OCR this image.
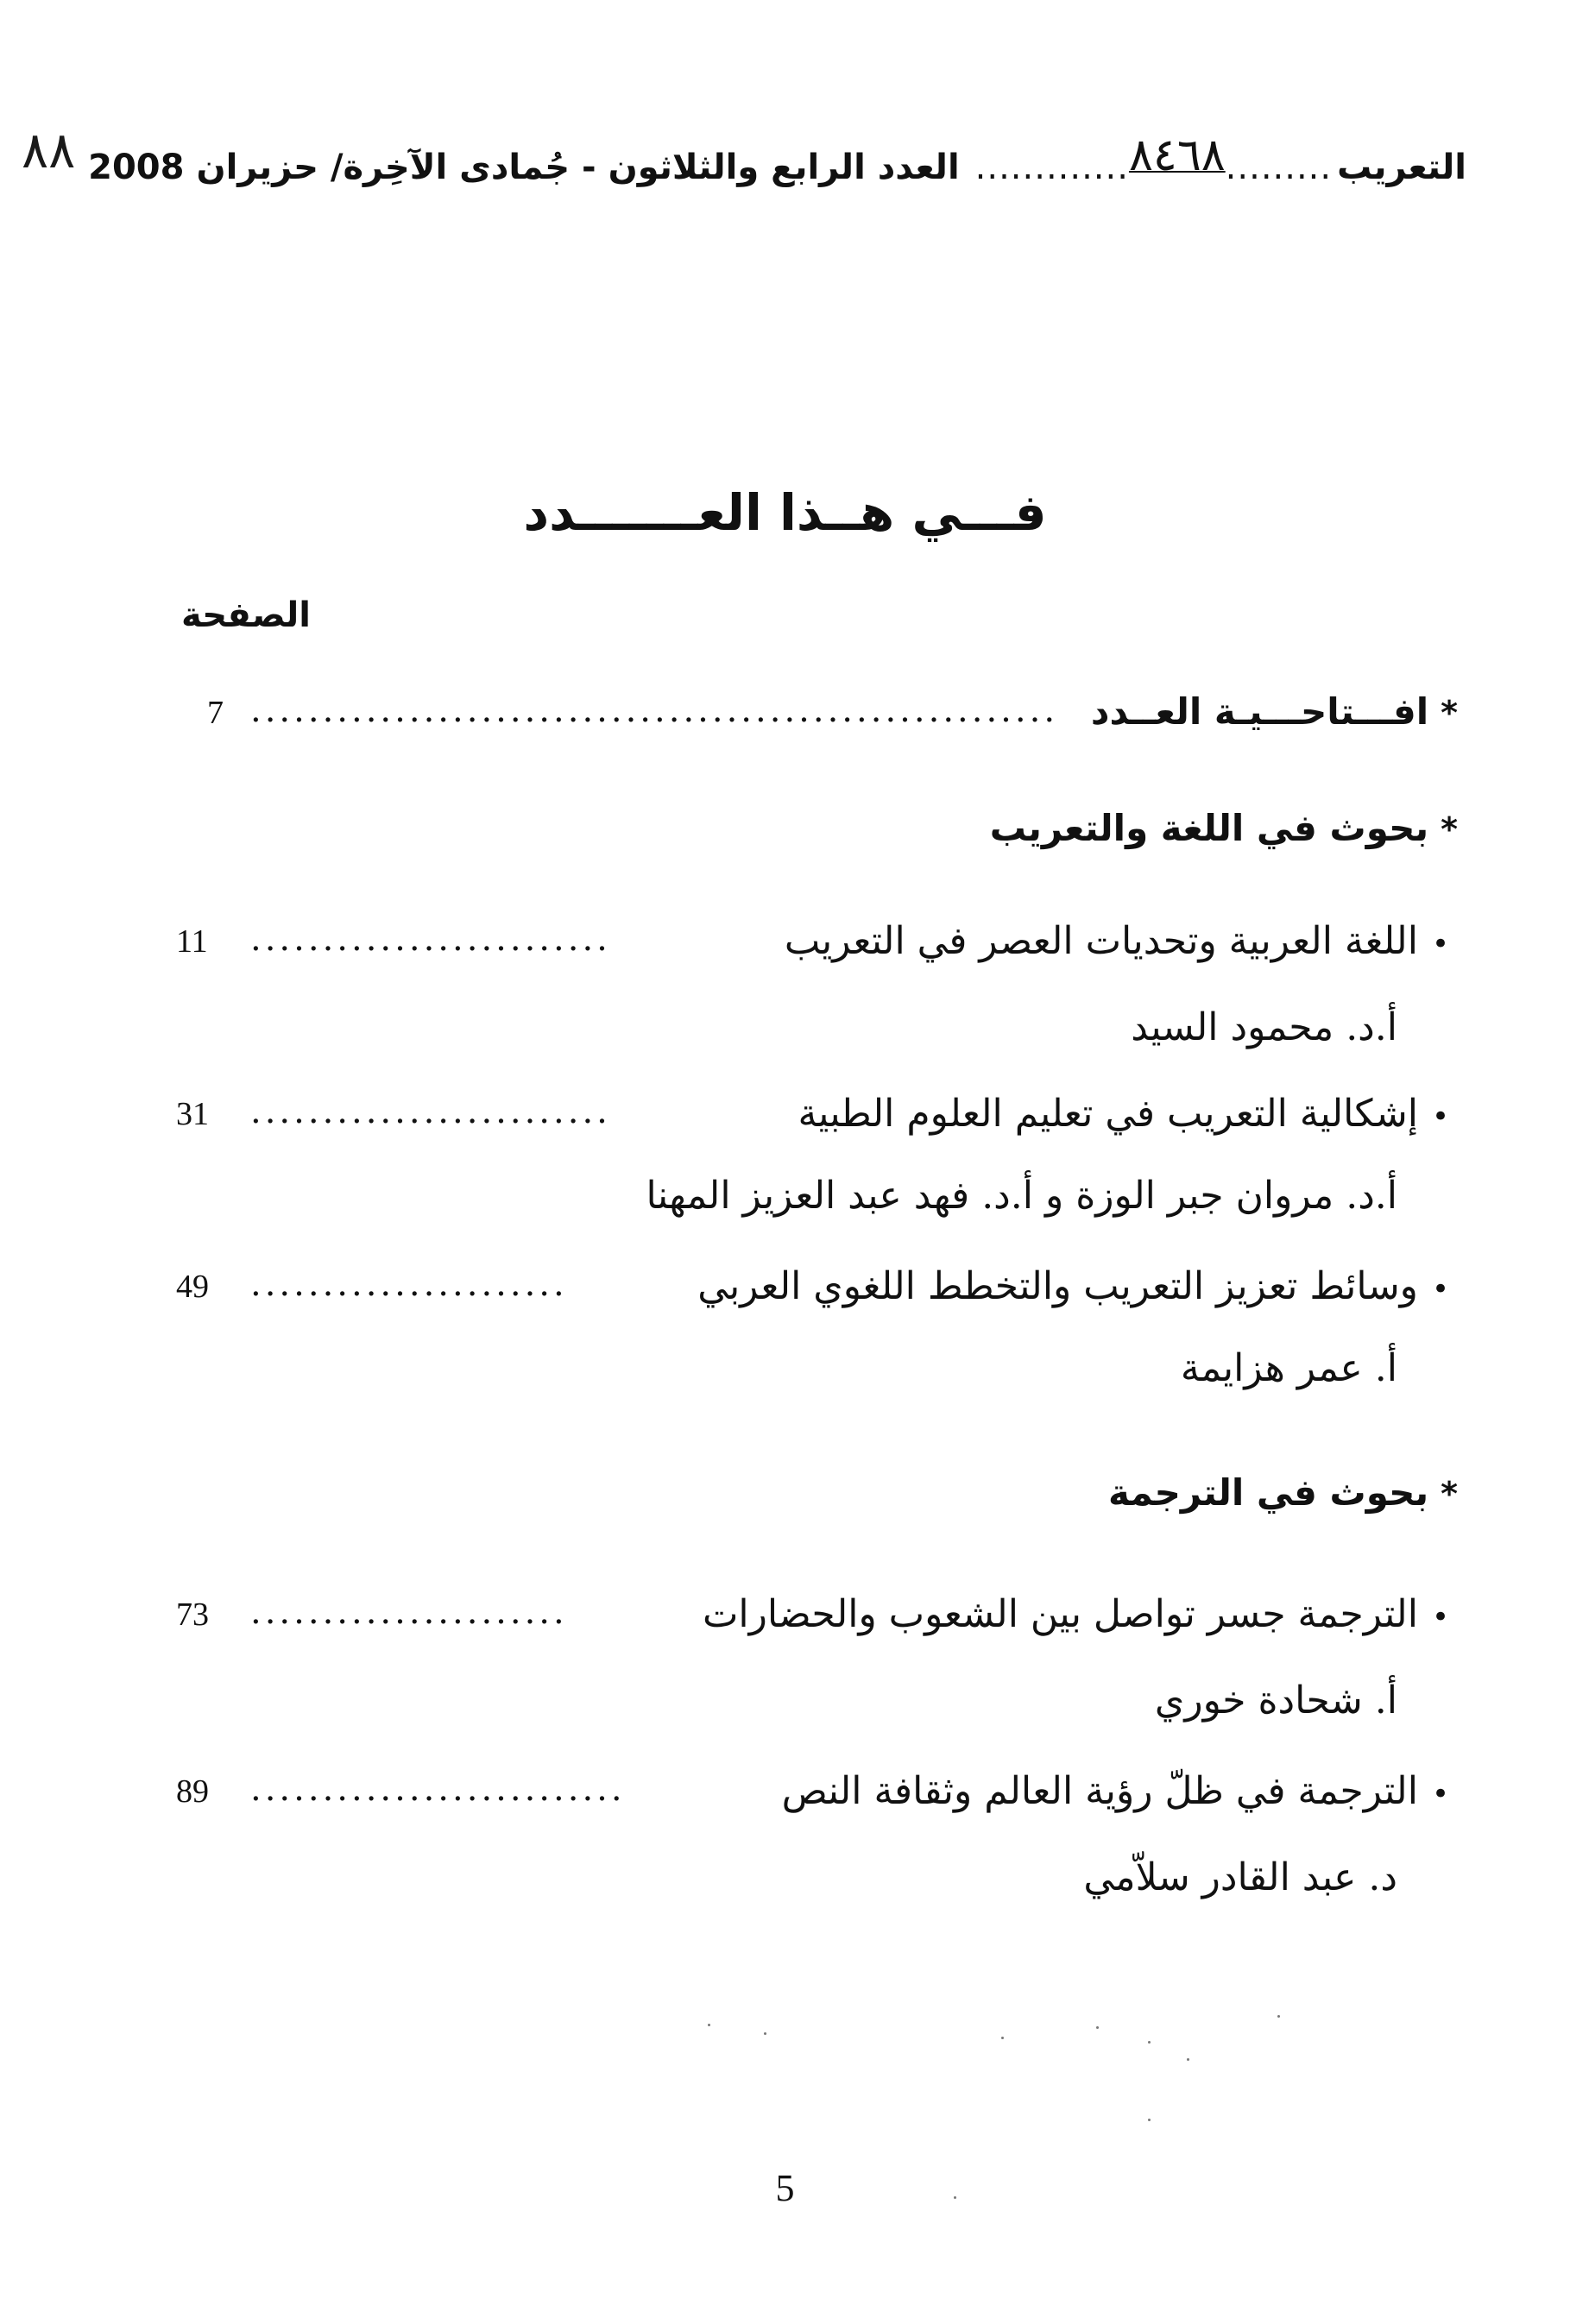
٨٨	التعريب
.........
٨٤٦٨
.............
العدد الرابع والثلاثون
-
جُمادى الآخِرة/ حزيران
2008
فـــي هــذا العـــــــدد
الصفحة
*افـــتاحـــيـة العــدد
........................................................
7
*بحوث في اللغة والتعريب
•اللغة العربية وتحديات العصر في التعريب
.........................
11
أ.د. محمود السيد
•إشكالية التعريب في تعليم العلوم الطبية
.........................
31
أ.د. مروان جبر الوزة و أ.د. فهد عبد العزيز المهنا
•وسائط تعزيز التعريب والتخطط اللغوي العربي
......................
49
أ. عمر هزايمة
*بحوث في الترجمة
•الترجمة جسر تواصل بين الشعوب والحضارات
......................
73
أ. شحادة خوري
•الترجمة في ظلّ رؤية العالم وثقافة النص
..........................
89
د. عبد القادر سلاّمي
5
